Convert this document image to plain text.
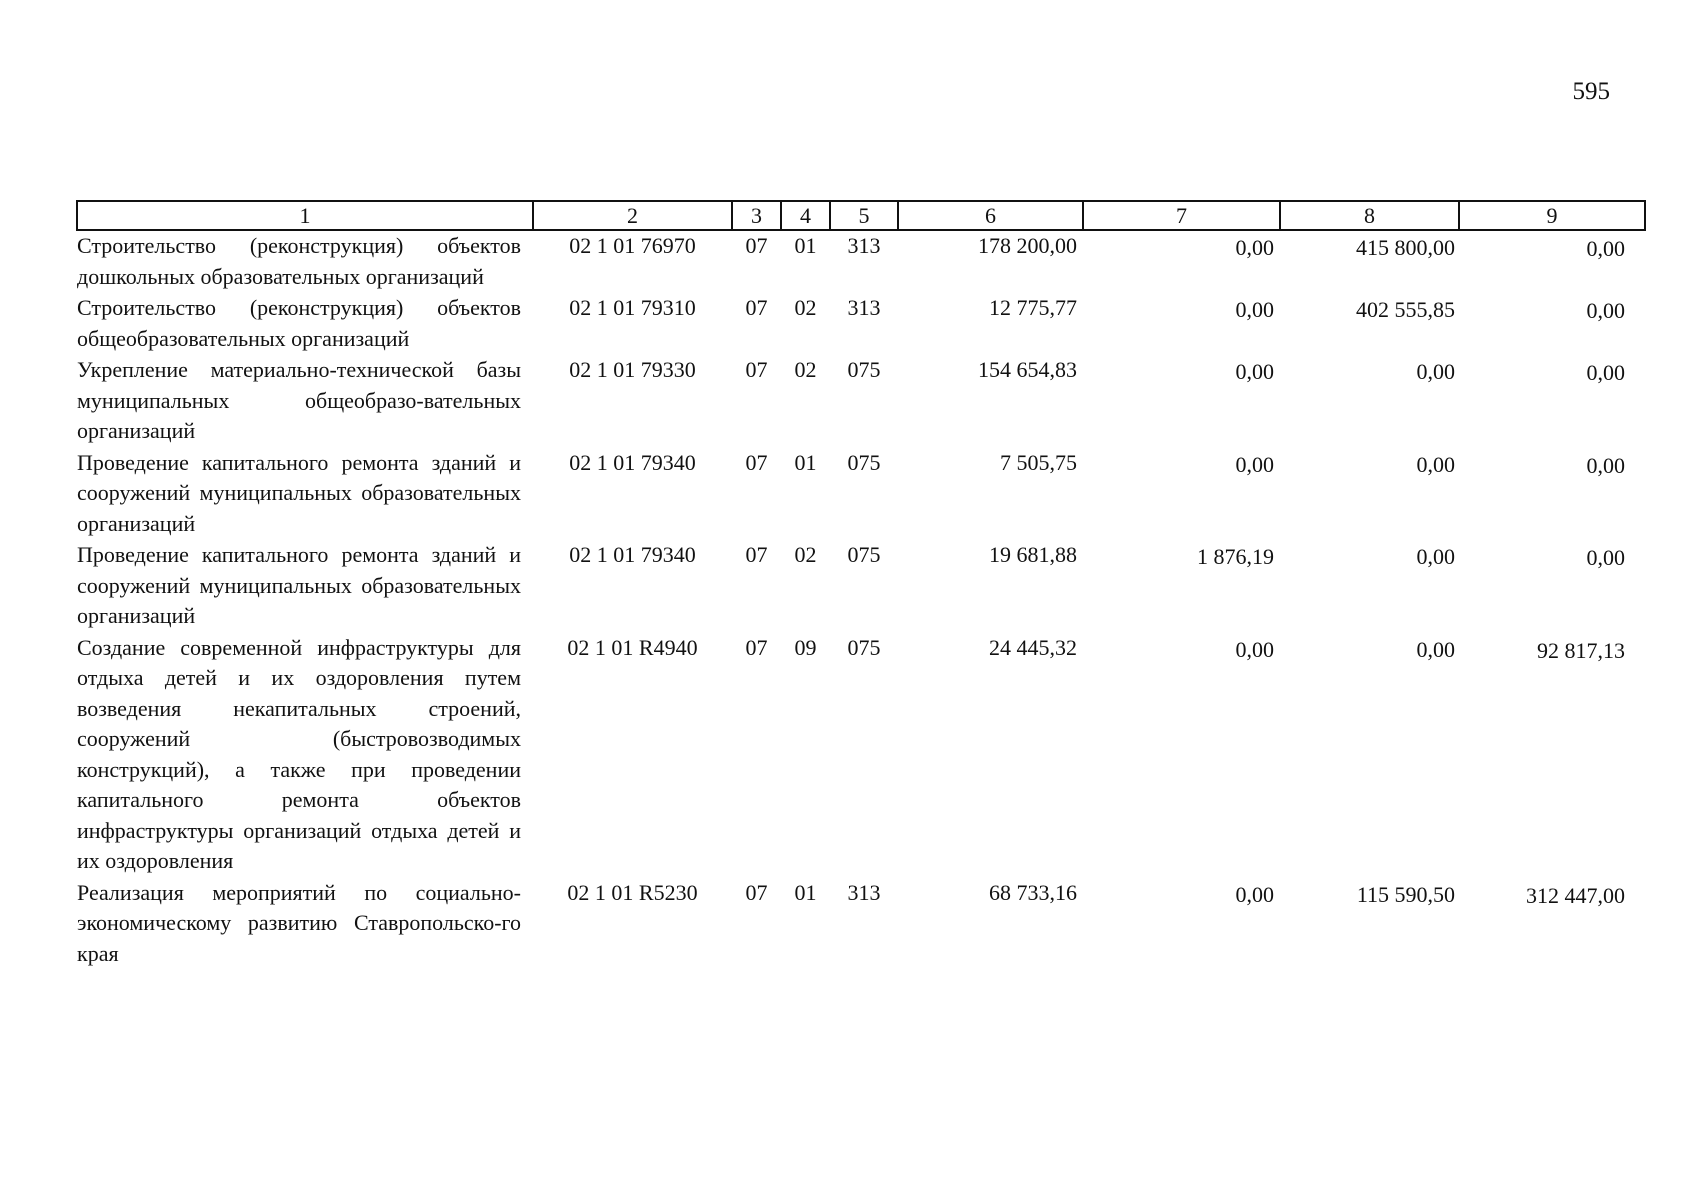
595
1	2	3	4	5	6	7	8	9
Строительство (реконструкция) объектов дошкольных образовательных организаций	02 1 01 76970	07	01	313	178 200,00	0,00	415 800,00	0,00
Строительство (реконструкция) объектов общеобразовательных организаций	02 1 01 79310	07	02	313	12 775,77	0,00	402 555,85	0,00
Укрепление материально-технической базы муниципальных общеобразо-вательных организаций	02 1 01 79330	07	02	075	154 654,83	0,00	0,00	0,00
Проведение капитального ремонта зданий и сооружений муниципальных образовательных организаций	02 1 01 79340	07	01	075	7 505,75	0,00	0,00	0,00
Проведение капитального ремонта зданий и сооружений муниципальных образовательных организаций	02 1 01 79340	07	02	075	19 681,88	1 876,19	0,00	0,00
Создание современной инфраструктуры для отдыха детей и их оздоровления путем возведения некапитальных строений, сооружений (быстровозводимых конструкций), а также при проведении капитального ремонта объектов инфраструктуры организаций отдыха детей и их оздоровления	02 1 01 R4940	07	09	075	24 445,32	0,00	0,00	92 817,13
Реализация мероприятий по социально-экономическому развитию Ставропольско-го края	02 1 01 R5230	07	01	313	68 733,16	0,00	115 590,50	312 447,00
